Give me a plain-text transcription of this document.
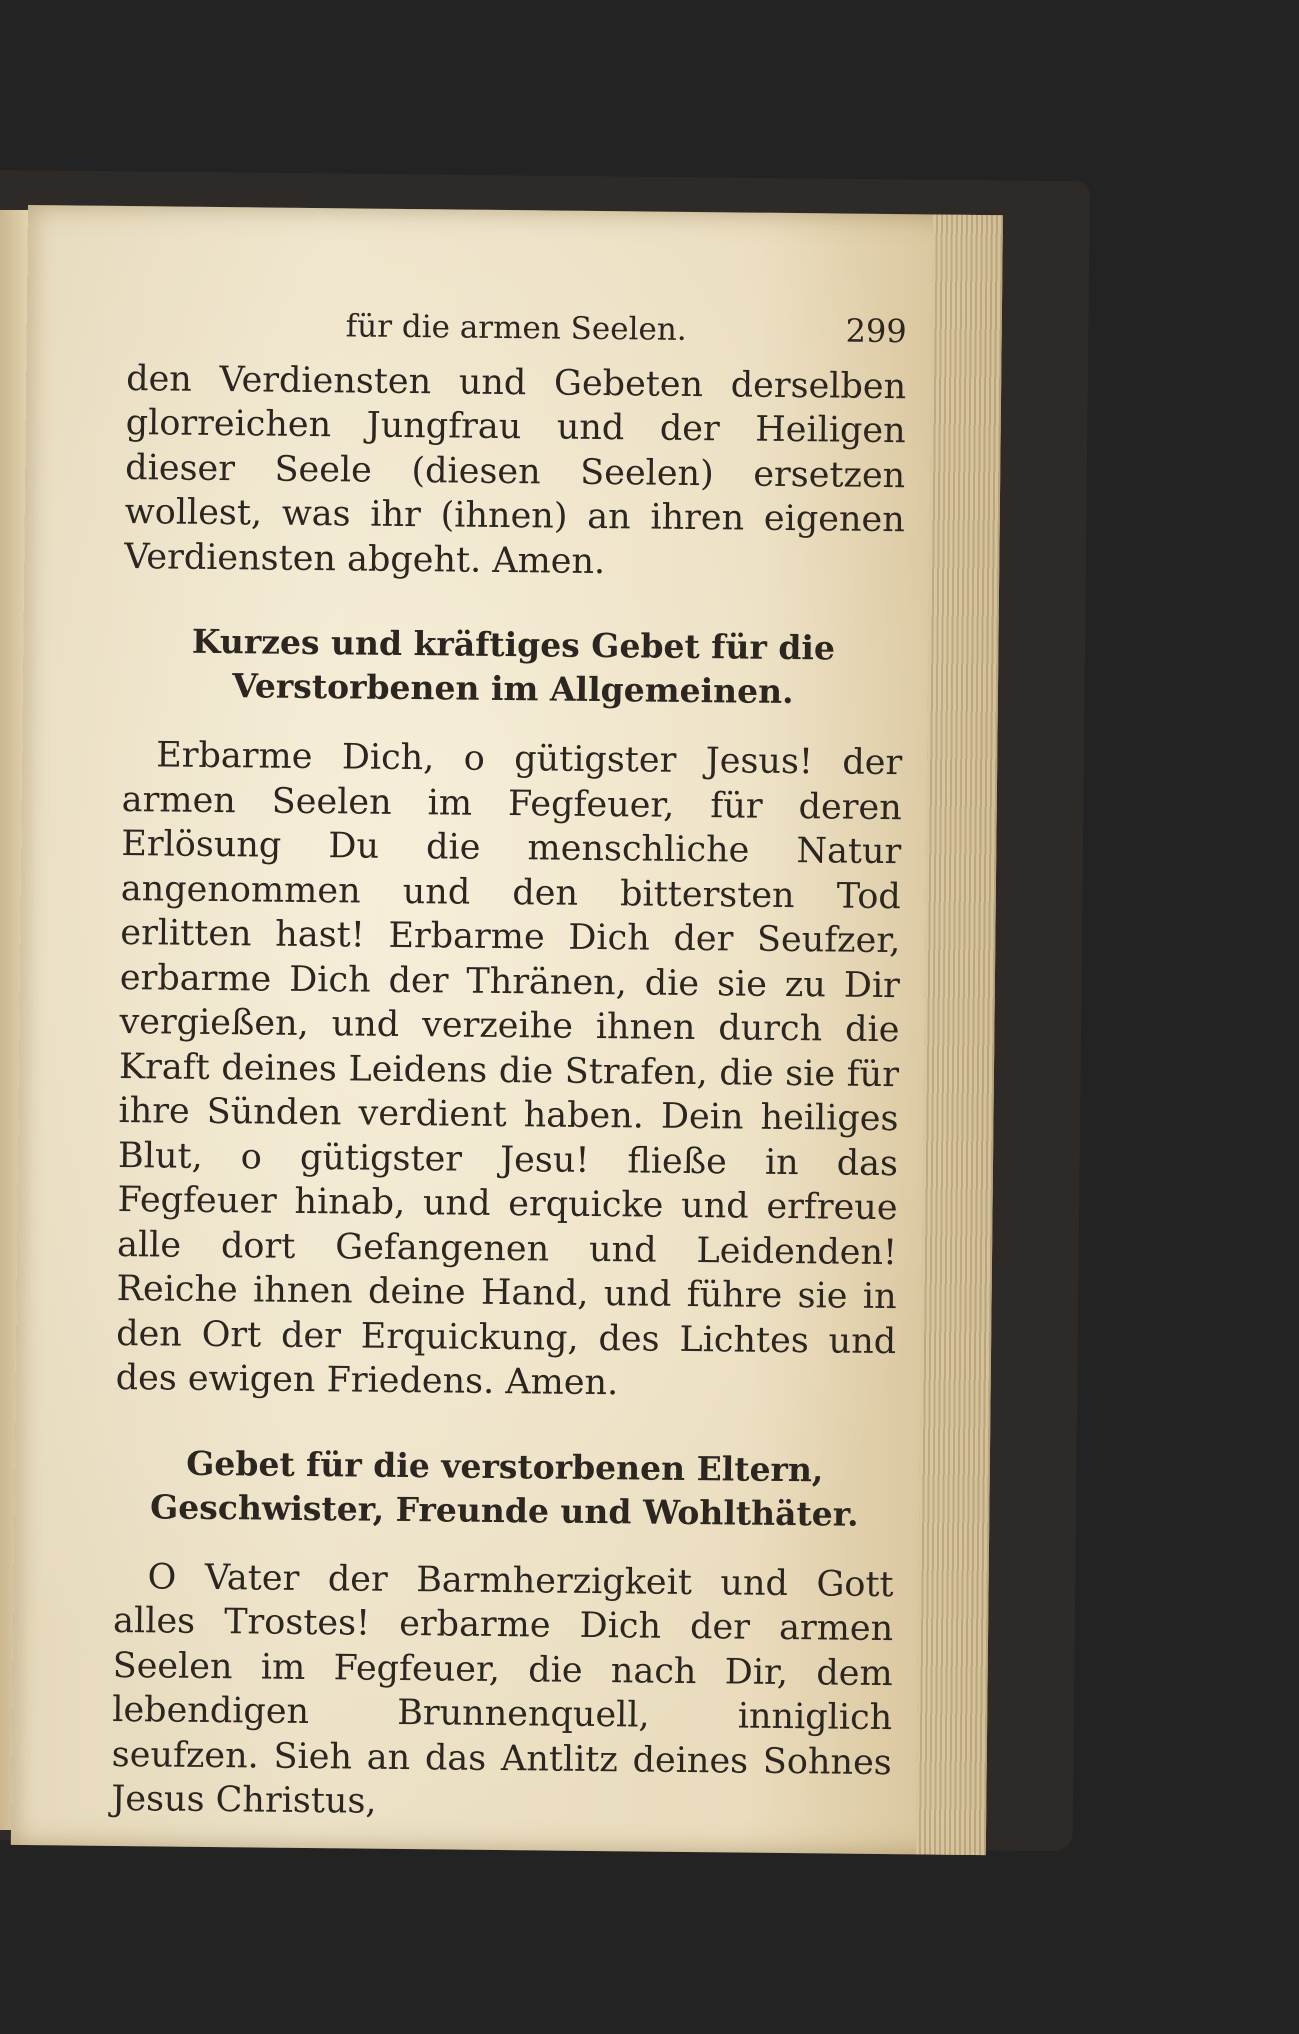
für die armen Seelen.	299

den Verdiensten und Gebeten derselben glorreichen Jungfrau und der Heiligen dieser Seele (diesen Seelen) ersetzen wollest, was ihr (ihnen) an ihren eigenen Verdiensten abgeht. Amen.

Kurzes und kräftiges Gebet für die Verstorbenen im Allgemeinen.

Erbarme Dich, o gütigster Jesus! der armen Seelen im Fegfeuer, für deren Erlösung Du die menschliche Natur angenommen und den bittersten Tod erlitten hast! Erbarme Dich der Seufzer, erbarme Dich der Thränen, die sie zu Dir vergießen, und verzeihe ihnen durch die Kraft deines Leidens die Strafen, die sie für ihre Sünden verdient haben. Dein heiliges Blut, o gütigster Jesu! fließe in das Fegfeuer hinab, und erquicke und erfreue alle dort Gefangenen und Leidenden! Reiche ihnen deine Hand, und führe sie in den Ort der Erquickung, des Lichtes und des ewigen Friedens. Amen.

Gebet für die verstorbenen Eltern, Geschwister, Freunde und Wohlthäter.

O Vater der Barmherzigkeit und Gott alles Trostes! erbarme Dich der armen Seelen im Fegfeuer, die nach Dir, dem lebendigen Brunnenquell, inniglich seufzen. Sieh an das Antlitz deines Sohnes Jesus Christus,
